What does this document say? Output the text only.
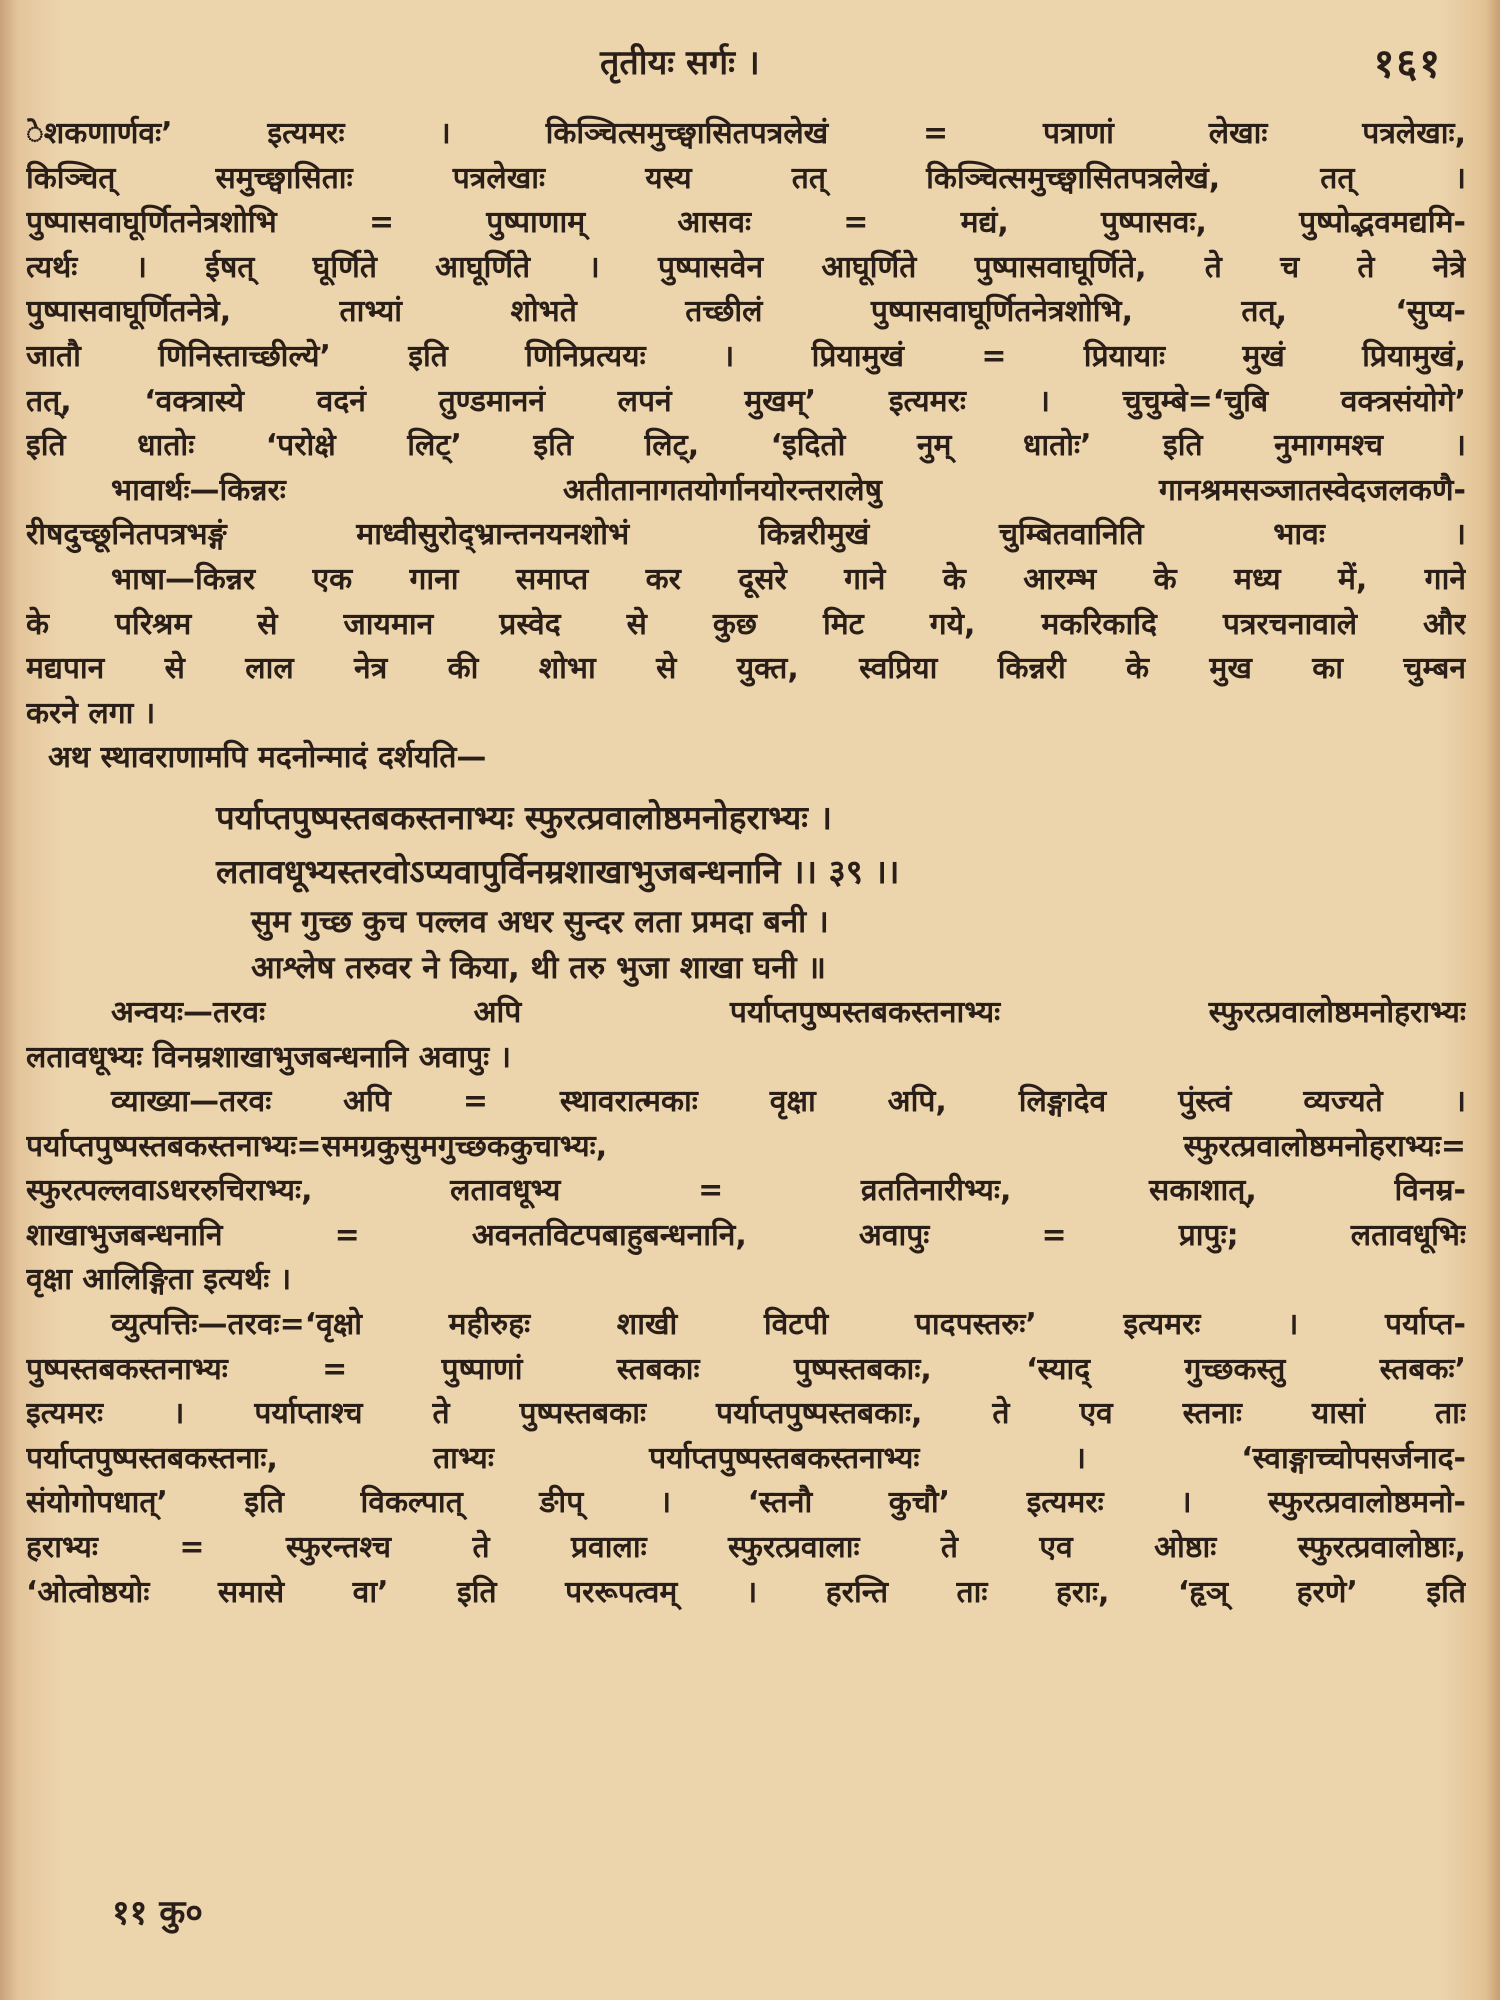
तृतीयः सर्गः ।	१६१
ेशकणार्णवः’ इत्यमरः । किञ्चित्समुच्छ्वासितपत्रलेखं = पत्राणां लेखाः पत्रलेखाः,
किञ्चित् समुच्छ्वासिताः पत्रलेखाः यस्य तत् किञ्चित्समुच्छ्वासितपत्रलेखं, तत् ।
पुष्पासवाघूर्णितनेत्रशोभि = पुष्पाणाम् आसवः = मद्यं, पुष्पासवः, पुष्पोद्भवमद्यमि-
त्यर्थः । ईषत् घूर्णिते आघूर्णिते । पुष्पासवेन आघूर्णिते पुष्पासवाघूर्णिते, ते च ते नेत्रे
पुष्पासवाघूर्णितनेत्रे, ताभ्यां शोभते तच्छीलं पुष्पासवाघूर्णितनेत्रशोभि, तत्, ‘सुप्य-
जातौ णिनिस्ताच्छील्ये’ इति णिनिप्रत्ययः । प्रियामुखं = प्रियायाः मुखं प्रियामुखं,
तत्, ‘वक्त्रास्ये वदनं तुण्डमाननं लपनं मुखम्’ इत्यमरः । चुचुम्बे=‘चुबि वक्त्रसंयोगे’
इति धातोः ‘परोक्षे लिट्’ इति लिट्, ‘इदितो नुम् धातोः’ इति नुमागमश्च ।
भावार्थः—किन्नरः अतीतानागतयोर्गानयोरन्तरालेषु गानश्रमसञ्जातस्वेदजलकणै-
रीषदुच्छूनितपत्रभङ्गं माध्वीसुरोद्भ्रान्तनयनशोभं किन्नरीमुखं चुम्बितवानिति भावः ।
भाषा—किन्नर एक गाना समाप्त कर दूसरे गाने के आरम्भ के मध्य में, गाने
के परिश्रम से जायमान प्रस्वेद से कुछ मिट गये, मकरिकादि पत्ररचनावाले और
मद्यपान से लाल नेत्र की शोभा से युक्त, स्वप्रिया किन्नरी के मुख का चुम्बन
करने लगा ।
अथ स्थावराणामपि मदनोन्मादं दर्शयति—
पर्याप्तपुष्पस्तबकस्तनाभ्यः स्फुरत्प्रवालोष्ठमनोहराभ्यः ।
लतावधूभ्यस्तरवोऽप्यवापुर्विनम्रशाखाभुजबन्धनानि ।। ३९ ।।
सुम गुच्छ कुच पल्लव अधर सुन्दर लता प्रमदा बनी ।
आश्लेष तरुवर ने किया, थी तरु भुजा शाखा घनी ॥
अन्वयः—तरवः अपि पर्याप्तपुष्पस्तबकस्तनाभ्यः स्फुरत्प्रवालोष्ठमनोहराभ्यः
लतावधूभ्यः विनम्रशाखाभुजबन्धनानि अवापुः ।
व्याख्या—तरवः अपि = स्थावरात्मकाः वृक्षा अपि, लिङ्गादेव पुंस्त्वं व्यज्यते ।
पर्याप्तपुष्पस्तबकस्तनाभ्यः=समग्रकुसुमगुच्छककुचाभ्यः, स्फुरत्प्रवालोष्ठमनोहराभ्यः=
स्फुरत्पल्लवाऽधररुचिराभ्यः, लतावधूभ्य = व्रततिनारीभ्यः, सकाशात्, विनम्र-
शाखाभुजबन्धनानि = अवनतविटपबाहुबन्धनानि, अवापुः = प्रापुः; लतावधूभिः
वृक्षा आलिङ्गिता इत्यर्थः ।
व्युत्पत्तिः—तरवः=‘वृक्षो महीरुहः शाखी विटपी पादपस्तरुः’ इत्यमरः । पर्याप्त-
पुष्पस्तबकस्तनाभ्यः = पुष्पाणां स्तबकाः पुष्पस्तबकाः, ‘स्याद् गुच्छकस्तु स्तबकः’
इत्यमरः । पर्याप्ताश्च ते पुष्पस्तबकाः पर्याप्तपुष्पस्तबकाः, ते एव स्तनाः यासां ताः
पर्याप्तपुष्पस्तबकस्तनाः, ताभ्यः पर्याप्तपुष्पस्तबकस्तनाभ्यः । ‘स्वाङ्गाच्चोपसर्जनाद-
संयोगोपधात्’ इति विकल्पात् ङीप् । ‘स्तनौ कुचौ’ इत्यमरः । स्फुरत्प्रवालोष्ठमनो-
हराभ्यः = स्फुरन्तश्च ते प्रवालाः स्फुरत्प्रवालाः ते एव ओष्ठाः स्फुरत्प्रवालोष्ठाः,
‘ओत्वोष्ठयोः समासे वा’ इति पररूपत्वम् । हरन्ति ताः हराः, ‘हृञ् हरणे’ इति
११ कु०
